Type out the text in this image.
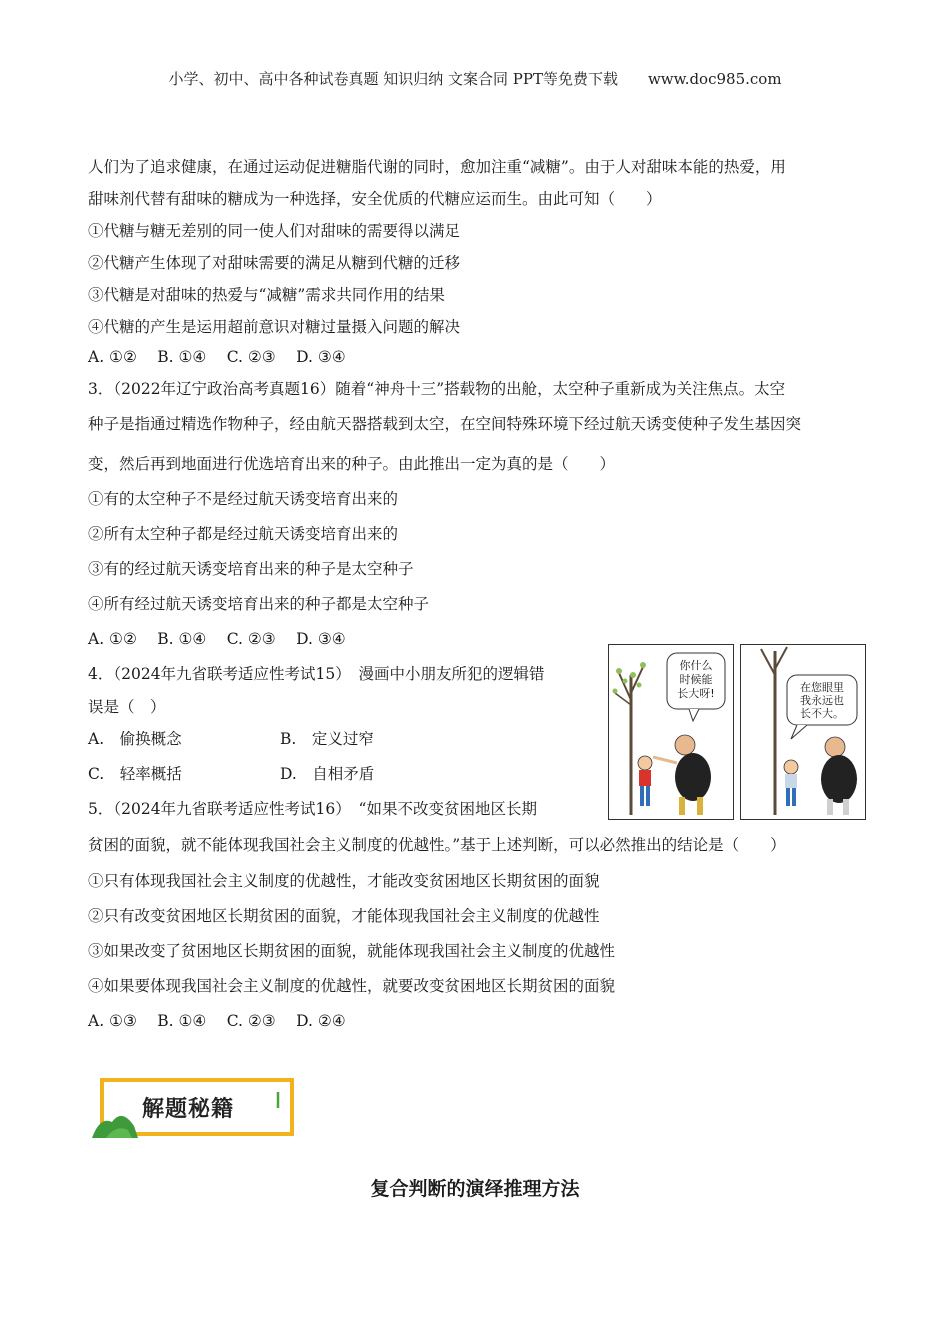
小学、初中、高中各种试卷真题 知识归纳 文案合同 PPT等免费下载　　www.doc985.com
人们为了追求健康，在通过运动促进糖脂代谢的同时，愈加注重“减糖”。由于人对甜味本能的热爱，用
甜味剂代替有甜味的糖成为一种选择，安全优质的代糖应运而生。由此可知（　　）
①代糖与糖无差别的同一使人们对甜味的需要得以满足
②代糖产生体现了对甜味需要的满足从糖到代糖的迁移
③代糖是对甜味的热爱与“减糖”需求共同作用的结果
④代糖的产生是运用超前意识对糖过量摄入问题的解决
A. ①②　 B. ①④　 C. ②③　 D. ③④
3．（2022年辽宁政治高考真题16）随着“神舟十三”搭载物的出舱，太空种子重新成为关注焦点。太空
种子是指通过精选作物种子，经由航天器搭载到太空，在空间特殊环境下经过航天诱变使种子发生基因突
变，然后再到地面进行优选培育出来的种子。由此推出一定为真的是（　　）
①有的太空种子不是经过航天诱变培育出来的
②所有太空种子都是经过航天诱变培育出来的
③有的经过航天诱变培育出来的种子是太空种子
④所有经过航天诱变培育出来的种子都是太空种子
A. ①②　 B. ①④　 C. ②③　 D. ③④
4．（2024年九省联考适应性考试15）　漫画中小朋友所犯的逻辑错
误是（　）
A.　偷换概念	B.　定义过窄
C.　轻率概括	D.　自相矛盾
你什么
时候能
长大呀!	在您眼里
我永远也
长不大。
5．（2024年九省联考适应性考试16）　“如果不改变贫困地区长期
贫困的面貌，就不能体现我国社会主义制度的优越性。”基于上述判断，可以必然推出的结论是（　　）
①只有体现我国社会主义制度的优越性，才能改变贫困地区长期贫困的面貌
②只有改变贫困地区长期贫困的面貌，才能体现我国社会主义制度的优越性
③如果改变了贫困地区长期贫困的面貌，就能体现我国社会主义制度的优越性
④如果要体现我国社会主义制度的优越性，就要改变贫困地区长期贫困的面貌
A. ①③　 B. ①④　 C. ②③　 D. ②④
解题秘籍
复合判断的演绎推理方法
